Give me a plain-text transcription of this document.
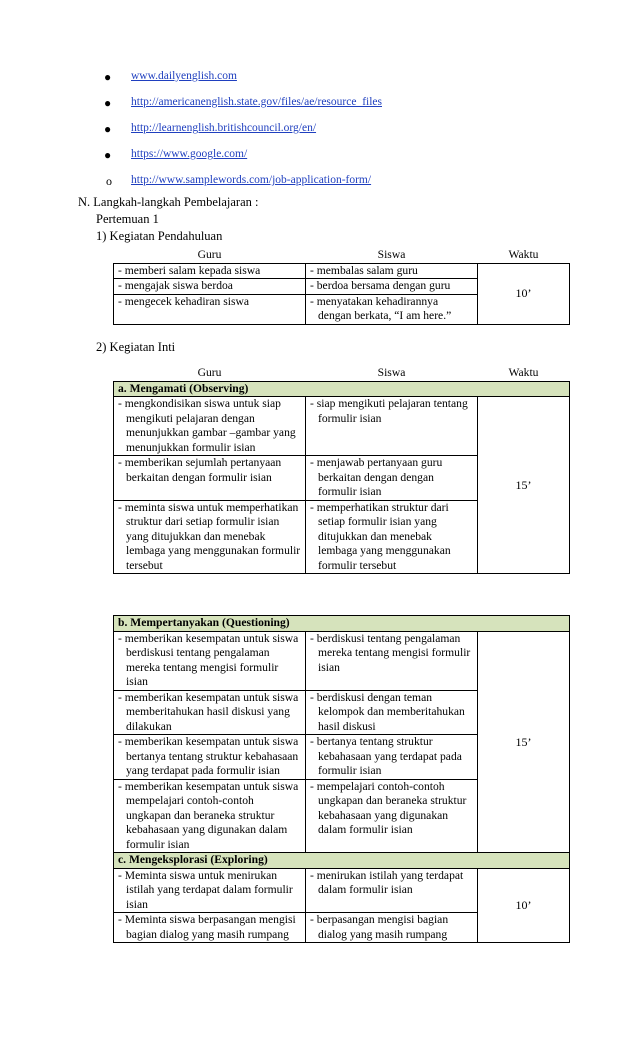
● www.dailyenglish.com
● http://americanenglish.state.gov/files/ae/resource_files
● http://learnenglish.britishcouncil.org/en/
● https://www.google.com/
o http://www.samplewords.com/job-application-form/
N. Langkah-langkah Pembelajaran :
Pertemuan 1
1) Kegiatan Pendahuluan
Guru	Siswa	Waktu
- memberi salam kepada siswa	- membalas salam guru	10’
- mengajak siswa berdoa	- berdoa bersama dengan guru	
- mengecek kehadiran siswa	- menyatakan kehadirannya dengan berkata, “I am here.”	
2) Kegiatan Inti
Guru	Siswa	Waktu
a. Mengamati (Observing)		

- mengkondisikan siswa untuk siap mengikuti pelajaran dengan menunjukkan gambar –gambar yang menunjukkan formulir isian	- siap mengikuti pelajaran tentang formulir isian	15’

- memberikan sejumlah pertanyaan berkaitan dengan formulir isian	- menjawab pertanyaan guru berkaitan dengan dengan formulir isian	

- meminta siswa untuk memperhatikan struktur dari setiap formulir isian yang ditujukkan dan menebak lembaga yang menggunakan formulir tersebut	- memperhatikan struktur dari setiap formulir isian yang ditujukkan dan menebak lembaga yang menggunakan formulir tersebut	
b. Mempertanyakan (Questioning)		

- memberikan kesempatan untuk siswa berdiskusi tentang pengalaman mereka tentang mengisi formulir isian	- berdiskusi tentang pengalaman mereka tentang mengisi formulir isian	15’

- memberikan kesempatan untuk siswa memberitahukan hasil diskusi yang dilakukan	- berdiskusi dengan teman kelompok dan memberitahukan hasil diskusi	

- memberikan kesempatan untuk siswa bertanya tentang struktur kebahasaan yang terdapat pada formulir isian	- bertanya tentang struktur kebahasaan yang terdapat pada formulir isian	

- memberikan kesempatan untuk siswa mempelajari contoh-contoh ungkapan dan beraneka struktur kebahasaan yang digunakan dalam formulir isian	- mempelajari contoh-contoh ungkapan dan beraneka struktur kebahasaan yang digunakan dalam formulir isian	

c. Mengeksplorasi (Exploring)		

- Meminta siswa untuk menirukan istilah yang terdapat dalam formulir isian	- menirukan istilah yang terdapat dalam formulir isian	10’

- Meminta siswa berpasangan mengisi bagian dialog yang masih rumpang	- berpasangan mengisi bagian dialog yang masih rumpang	
